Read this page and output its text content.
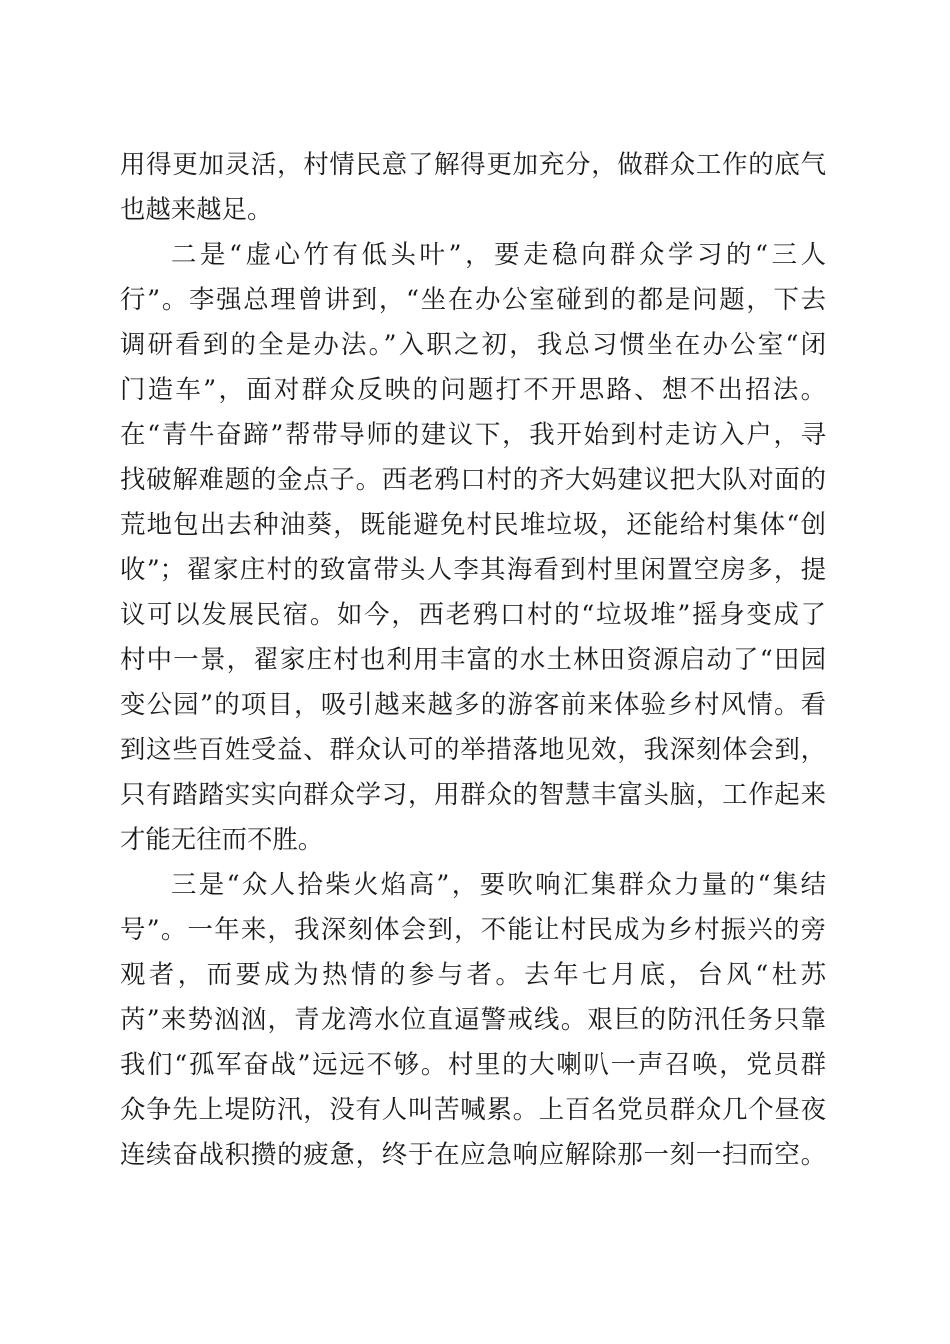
用得更加灵活，村情民意了解得更加充分，做群众工作的底气
也越来越足。
二是“虚心竹有低头叶”，要走稳向群众学习的“三人
行”。李强总理曾讲到，“坐在办公室碰到的都是问题，下去
调研看到的全是办法。”入职之初，我总习惯坐在办公室“闭
门造车”，面对群众反映的问题打不开思路、想不出招法。
在“青牛奋蹄”帮带导师的建议下，我开始到村走访入户，寻
找破解难题的金点子。西老鸦口村的齐大妈建议把大队对面的
荒地包出去种油葵，既能避免村民堆垃圾，还能给村集体“创
收”；翟家庄村的致富带头人李其海看到村里闲置空房多，提
议可以发展民宿。如今，西老鸦口村的“垃圾堆”摇身变成了
村中一景，翟家庄村也利用丰富的水土林田资源启动了“田园
变公园”的项目，吸引越来越多的游客前来体验乡村风情。看
到这些百姓受益、群众认可的举措落地见效，我深刻体会到，
只有踏踏实实向群众学习，用群众的智慧丰富头脑，工作起来
才能无往而不胜。
三是“众人拾柴火焰高”，要吹响汇集群众力量的“集结
号”。一年来，我深刻体会到，不能让村民成为乡村振兴的旁
观者，而要成为热情的参与者。去年七月底，台风“杜苏
芮”来势汹汹，青龙湾水位直逼警戒线。艰巨的防汛任务只靠
我们“孤军奋战”远远不够。村里的大喇叭一声召唤，党员群
众争先上堤防汛，没有人叫苦喊累。上百名党员群众几个昼夜
连续奋战积攒的疲惫，终于在应急响应解除那一刻一扫而空。
